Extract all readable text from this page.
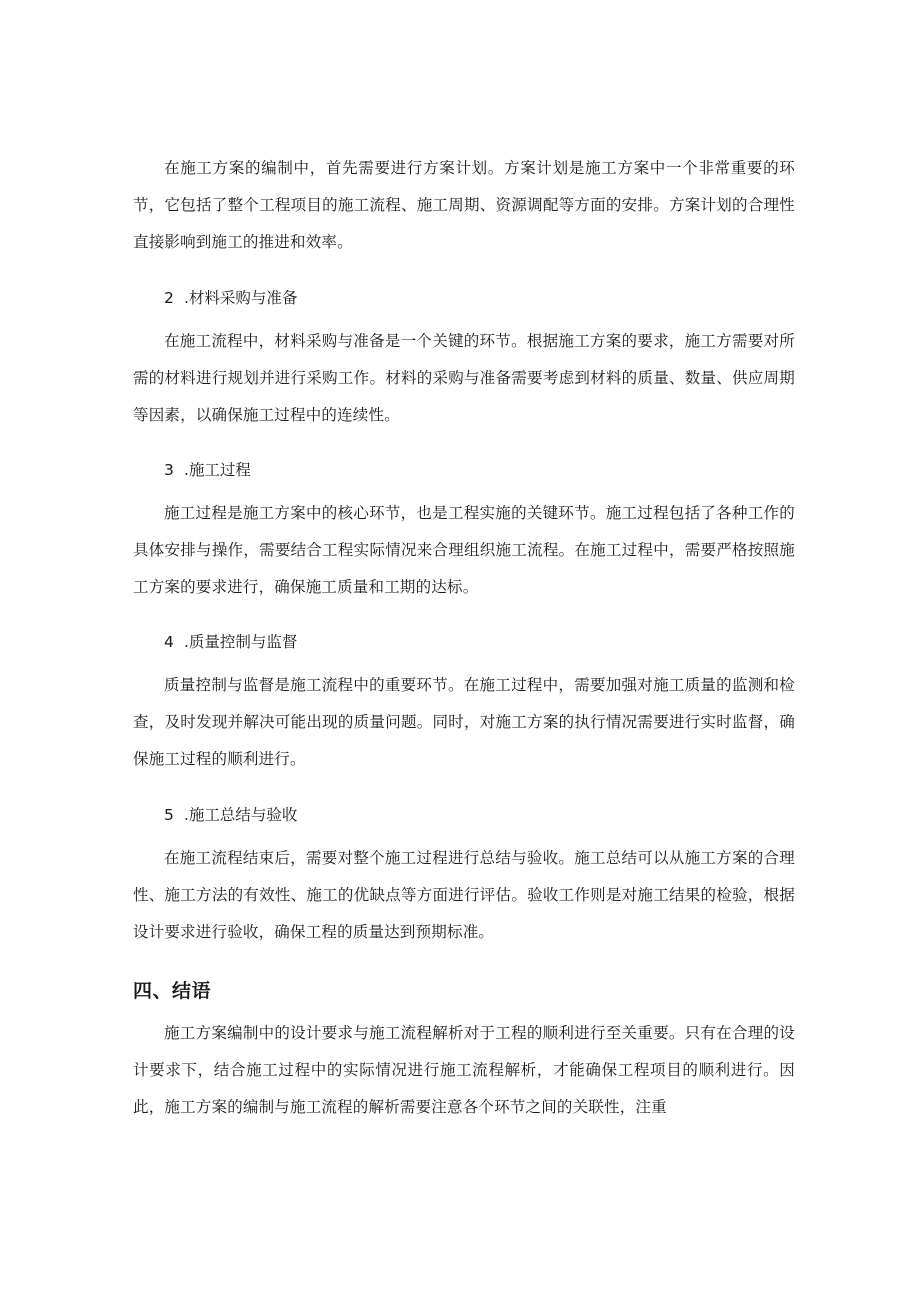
在施工方案的编制中，首先需要进行方案计划。方案计划是施工方案中一个非常重要的环节，它包括了整个工程项目的施工流程、施工周期、资源调配等方面的安排。方案计划的合理性直接影响到施工的推进和效率。

2 .材料采购与准备

在施工流程中，材料采购与准备是一个关键的环节。根据施工方案的要求，施工方需要对所需的材料进行规划并进行采购工作。材料的采购与准备需要考虑到材料的质量、数量、供应周期等因素，以确保施工过程中的连续性。

3 .施工过程

施工过程是施工方案中的核心环节，也是工程实施的关键环节。施工过程包括了各种工作的具体安排与操作，需要结合工程实际情况来合理组织施工流程。在施工过程中，需要严格按照施工方案的要求进行，确保施工质量和工期的达标。

4 .质量控制与监督

质量控制与监督是施工流程中的重要环节。在施工过程中，需要加强对施工质量的监测和检查，及时发现并解决可能出现的质量问题。同时，对施工方案的执行情况需要进行实时监督，确保施工过程的顺利进行。

5 .施工总结与验收

在施工流程结束后，需要对整个施工过程进行总结与验收。施工总结可以从施工方案的合理性、施工方法的有效性、施工的优缺点等方面进行评估。验收工作则是对施工结果的检验，根据设计要求进行验收，确保工程的质量达到预期标准。

四、结语

施工方案编制中的设计要求与施工流程解析对于工程的顺利进行至关重要。只有在合理的设计要求下，结合施工过程中的实际情况进行施工流程解析，才能确保工程项目的顺利进行。因此，施工方案的编制与施工流程的解析需要注意各个环节之间的关联性，注重
